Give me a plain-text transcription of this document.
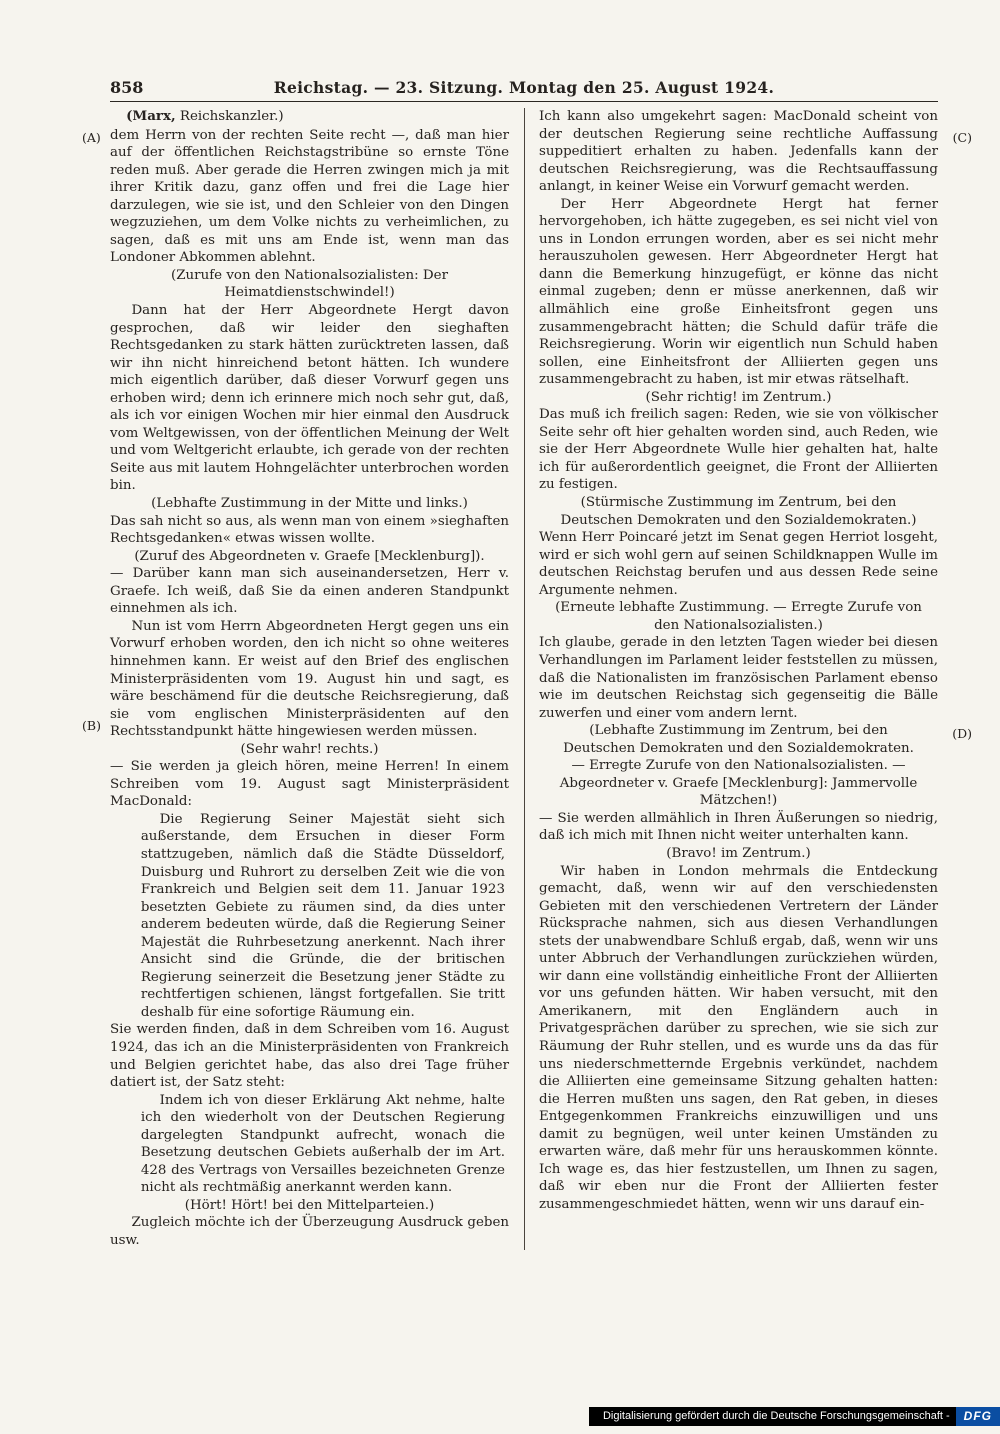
(A)
(B)
(C)
(D)
858	Reichstag. — 23. Sitzung. Montag den 25. August 1924.
(Marx, Reichskanzler.)
dem Herrn von der rechten Seite recht —, daß man hier auf der öffentlichen Reichstagstribüne so ernste Töne reden muß. Aber gerade die Herren zwingen mich ja mit ihrer Kritik dazu, ganz offen und frei die Lage hier darzulegen, wie sie ist, und den Schleier von den Dingen wegzuziehen, um dem Volke nichts zu verheimlichen, zu sagen, daß es mit uns am Ende ist, wenn man das Londoner Abkommen ablehnt.
(Zurufe von den Nationalsozialisten: Der Heimatdienstschwindel!)
Dann hat der Herr Abgeordnete Hergt davon gesprochen, daß wir leider den sieghaften Rechtsgedanken zu stark hätten zurücktreten lassen, daß wir ihn nicht hinreichend betont hätten. Ich wundere mich eigentlich darüber, daß dieser Vorwurf gegen uns erhoben wird; denn ich erinnere mich noch sehr gut, daß, als ich vor einigen Wochen mir hier einmal den Ausdruck vom Weltgewissen, von der öffentlichen Meinung der Welt und vom Weltgericht erlaubte, ich gerade von der rechten Seite aus mit lautem Hohngelächter unterbrochen worden bin.
(Lebhafte Zustimmung in der Mitte und links.)
Das sah nicht so aus, als wenn man von einem »sieghaften Rechtsgedanken« etwas wissen wollte.
(Zuruf des Abgeordneten v. Graefe [Mecklenburg]).
— Darüber kann man sich auseinandersetzen, Herr v. Graefe. Ich weiß, daß Sie da einen anderen Standpunkt einnehmen als ich.
Nun ist vom Herrn Abgeordneten Hergt gegen uns ein Vorwurf erhoben worden, den ich nicht so ohne weiteres hinnehmen kann. Er weist auf den Brief des englischen Ministerpräsidenten vom 19. August hin und sagt, es wäre beschämend für die deutsche Reichsregierung, daß sie vom englischen Ministerpräsidenten auf den Rechtsstandpunkt hätte hingewiesen werden müssen.
(Sehr wahr! rechts.)
— Sie werden ja gleich hören, meine Herren! In einem Schreiben vom 19. August sagt Ministerpräsident MacDonald:
Die Regierung Seiner Majestät sieht sich außerstande, dem Ersuchen in dieser Form stattzugeben, nämlich daß die Städte Düsseldorf, Duisburg und Ruhrort zu derselben Zeit wie die von Frankreich und Belgien seit dem 11. Januar 1923 besetzten Gebiete zu räumen sind, da dies unter anderem bedeuten würde, daß die Regierung Seiner Majestät die Ruhrbesetzung anerkennt. Nach ihrer Ansicht sind die Gründe, die der britischen Regierung seinerzeit die Besetzung jener Städte zu rechtfertigen schienen, längst fortgefallen. Sie tritt deshalb für eine sofortige Räumung ein.
Sie werden finden, daß in dem Schreiben vom 16. August 1924, das ich an die Ministerpräsidenten von Frankreich und Belgien gerichtet habe, das also drei Tage früher datiert ist, der Satz steht:
Indem ich von dieser Erklärung Akt nehme, halte ich den wiederholt von der Deutschen Regierung dargelegten Standpunkt aufrecht, wonach die Besetzung deutschen Gebiets außerhalb der im Art. 428 des Vertrags von Versailles bezeichneten Grenze nicht als rechtmäßig anerkannt werden kann.
(Hört! Hört! bei den Mittelparteien.)
Zugleich möchte ich der Überzeugung Ausdruck geben usw.
Ich kann also umgekehrt sagen: MacDonald scheint von der deutschen Regierung seine rechtliche Auffassung suppeditiert erhalten zu haben. Jedenfalls kann der deutschen Reichsregierung, was die Rechtsauffassung anlangt, in keiner Weise ein Vorwurf gemacht werden.
Der Herr Abgeordnete Hergt hat ferner hervorgehoben, ich hätte zugegeben, es sei nicht viel von uns in London errungen worden, aber es sei nicht mehr herauszuholen gewesen. Herr Abgeordneter Hergt hat dann die Bemerkung hinzugefügt, er könne das nicht einmal zugeben; denn er müsse anerkennen, daß wir allmählich eine große Einheitsfront gegen uns zusammengebracht hätten; die Schuld dafür träfe die Reichsregierung. Worin wir eigentlich nun Schuld haben sollen, eine Einheitsfront der Alliierten gegen uns zusammengebracht zu haben, ist mir etwas rätselhaft.
(Sehr richtig! im Zentrum.)
Das muß ich freilich sagen: Reden, wie sie von völkischer Seite sehr oft hier gehalten worden sind, auch Reden, wie sie der Herr Abgeordnete Wulle hier gehalten hat, halte ich für außerordentlich geeignet, die Front der Alliierten zu festigen.
(Stürmische Zustimmung im Zentrum, bei den Deutschen Demokraten und den Sozialdemokraten.)
Wenn Herr Poincaré jetzt im Senat gegen Herriot losgeht, wird er sich wohl gern auf seinen Schildknappen Wulle im deutschen Reichstag berufen und aus dessen Rede seine Argumente nehmen.
(Erneute lebhafte Zustimmung. — Erregte Zurufe von den Nationalsozialisten.)
Ich glaube, gerade in den letzten Tagen wieder bei diesen Verhandlungen im Parlament leider feststellen zu müssen, daß die Nationalisten im französischen Parlament ebenso wie im deutschen Reichstag sich gegenseitig die Bälle zuwerfen und einer vom andern lernt.
(Lebhafte Zustimmung im Zentrum, bei den Deutschen Demokraten und den Sozialdemokraten. — Erregte Zurufe von den Nationalsozialisten. — Abgeordneter v. Graefe [Mecklenburg]: Jammervolle Mätzchen!)
— Sie werden allmählich in Ihren Äußerungen so niedrig, daß ich mich mit Ihnen nicht weiter unterhalten kann.
(Bravo! im Zentrum.)
Wir haben in London mehrmals die Entdeckung gemacht, daß, wenn wir auf den verschiedensten Gebieten mit den verschiedenen Vertretern der Länder Rücksprache nahmen, sich aus diesen Verhandlungen stets der unabwendbare Schluß ergab, daß, wenn wir uns unter Abbruch der Verhandlungen zurückziehen würden, wir dann eine vollständig einheitliche Front der Alliierten vor uns gefunden hätten. Wir haben versucht, mit den Amerikanern, mit den Engländern auch in Privatgesprächen darüber zu sprechen, wie sie sich zur Räumung der Ruhr stellen, und es wurde uns da das für uns niederschmetternde Ergebnis verkündet, nachdem die Alliierten eine gemeinsame Sitzung gehalten hatten: die Herren mußten uns sagen, den Rat geben, in dieses Entgegenkommen Frankreichs einzuwilligen und uns damit zu begnügen, weil unter keinen Umständen zu erwarten wäre, daß mehr für uns herauskommen könnte. Ich wage es, das hier festzustellen, um Ihnen zu sagen, daß wir eben nur die Front der Alliierten fester zusammengeschmiedet hätten, wenn wir uns darauf ein-
Digitalisierung gefördert durch die Deutsche Forschungsgemeinschaft -	DFG
